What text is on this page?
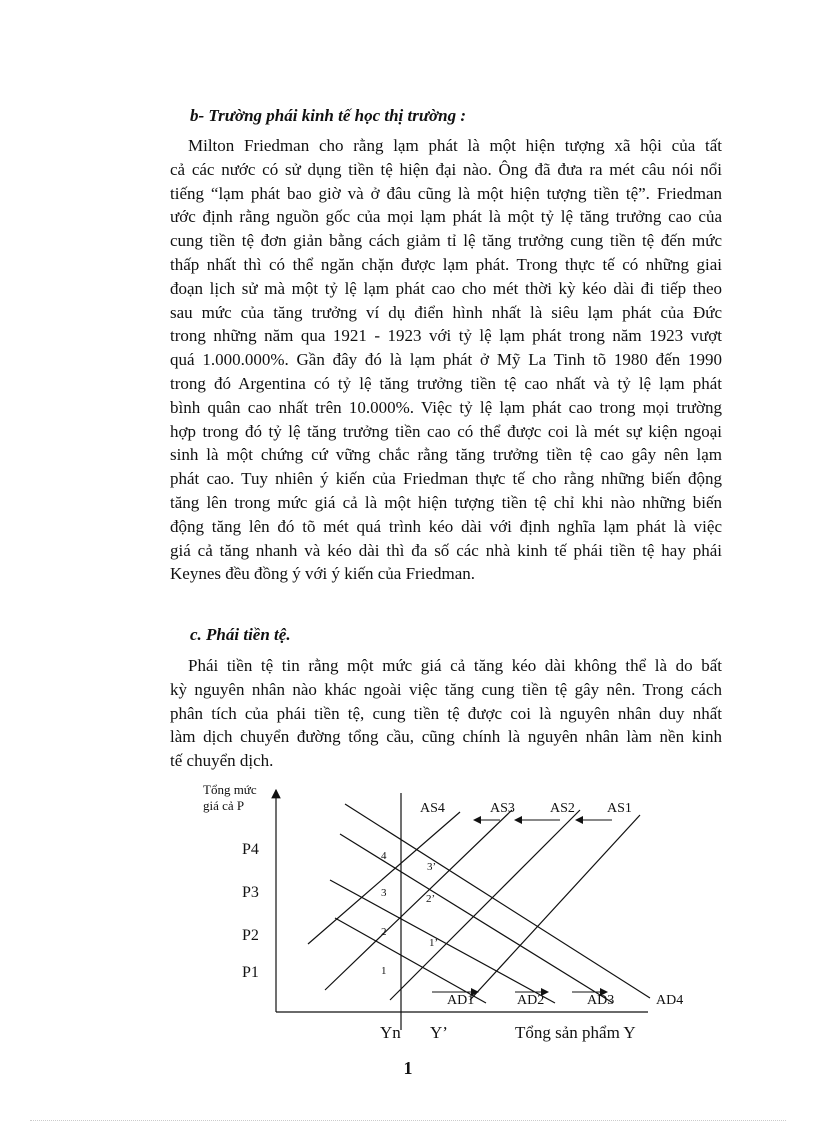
b- Trường phái kinh tế học thị trường :
Milton Friedman cho rằng lạm phát là một hiện tượng xã hội của tất
cả các nước có sử dụng tiền tệ hiện đại nào. Ông đã đưa ra mét câu nói nổi
tiếng “lạm phát bao giờ và ở đâu cũng là một hiện tượng tiền tệ”. Friedman
ước định rằng nguồn gốc của mọi lạm phát là một tỷ lệ tăng trưởng cao của
cung tiền tệ đơn giản bằng cách giảm tỉ lệ tăng trưởng cung tiền tệ đến mức
thấp nhất thì có thể ngăn chặn được lạm phát. Trong thực tế có những giai
đoạn lịch sử mà một tỷ lệ lạm phát cao cho mét thời kỳ kéo dài đi tiếp theo
sau mức của tăng trưởng ví dụ điển hình nhất là siêu lạm phát của Đức
trong những năm qua 1921 - 1923 với tỷ lệ lạm phát trong năm 1923 vượt
quá 1.000.000%. Gần đây đó là lạm phát ở Mỹ La Tinh tõ 1980 đến 1990
trong đó Argentina có tỷ lệ tăng trưởng tiền tệ cao nhất và tỷ lệ lạm phát
bình quân cao nhất trên 10.000%. Việc tỷ lệ lạm phát cao trong mọi trường
hợp trong đó tỷ lệ tăng trưởng tiền cao có thể được coi là mét sự kiện ngoại
sinh là một chứng cứ vững chắc rằng tăng trưởng tiền tệ cao gây nên lạm
phát cao. Tuy nhiên ý kiến của Friedman thực tế cho rằng những biến động
tăng lên trong mức giá cả là một hiện tượng tiền tệ chỉ khi nào những biến
động tăng lên đó tõ mét quá trình kéo dài với định nghĩa lạm phát là việc
giá cả tăng nhanh và kéo dài thì đa số các nhà kinh tế phái tiền tệ hay phái
Keynes đều đồng ý với ý kiến của Friedman.
c. Phái tiền tệ.
Phái tiền tệ tin rằng một mức giá cả tăng kéo dài không thể là do bất
kỳ nguyên nhân nào khác ngoài việc tăng cung tiền tệ gây nên. Trong cách
phân tích của phái tiền tệ, cung tiền tệ được coi là nguyên nhân duy nhất
làm dịch chuyển đường tổng cầu, cũng chính là nguyên nhân làm nền kinh
tế chuyển dịch.
Tổng mức
giá cả P
Tổng sản phẩm Y
P4
P3
P2
P1
Yn Y’
AS4	AS3	AS2 AS1
AD1	AD2	AD3	AD4
1
2
3
4
1’
2’
3’
1
